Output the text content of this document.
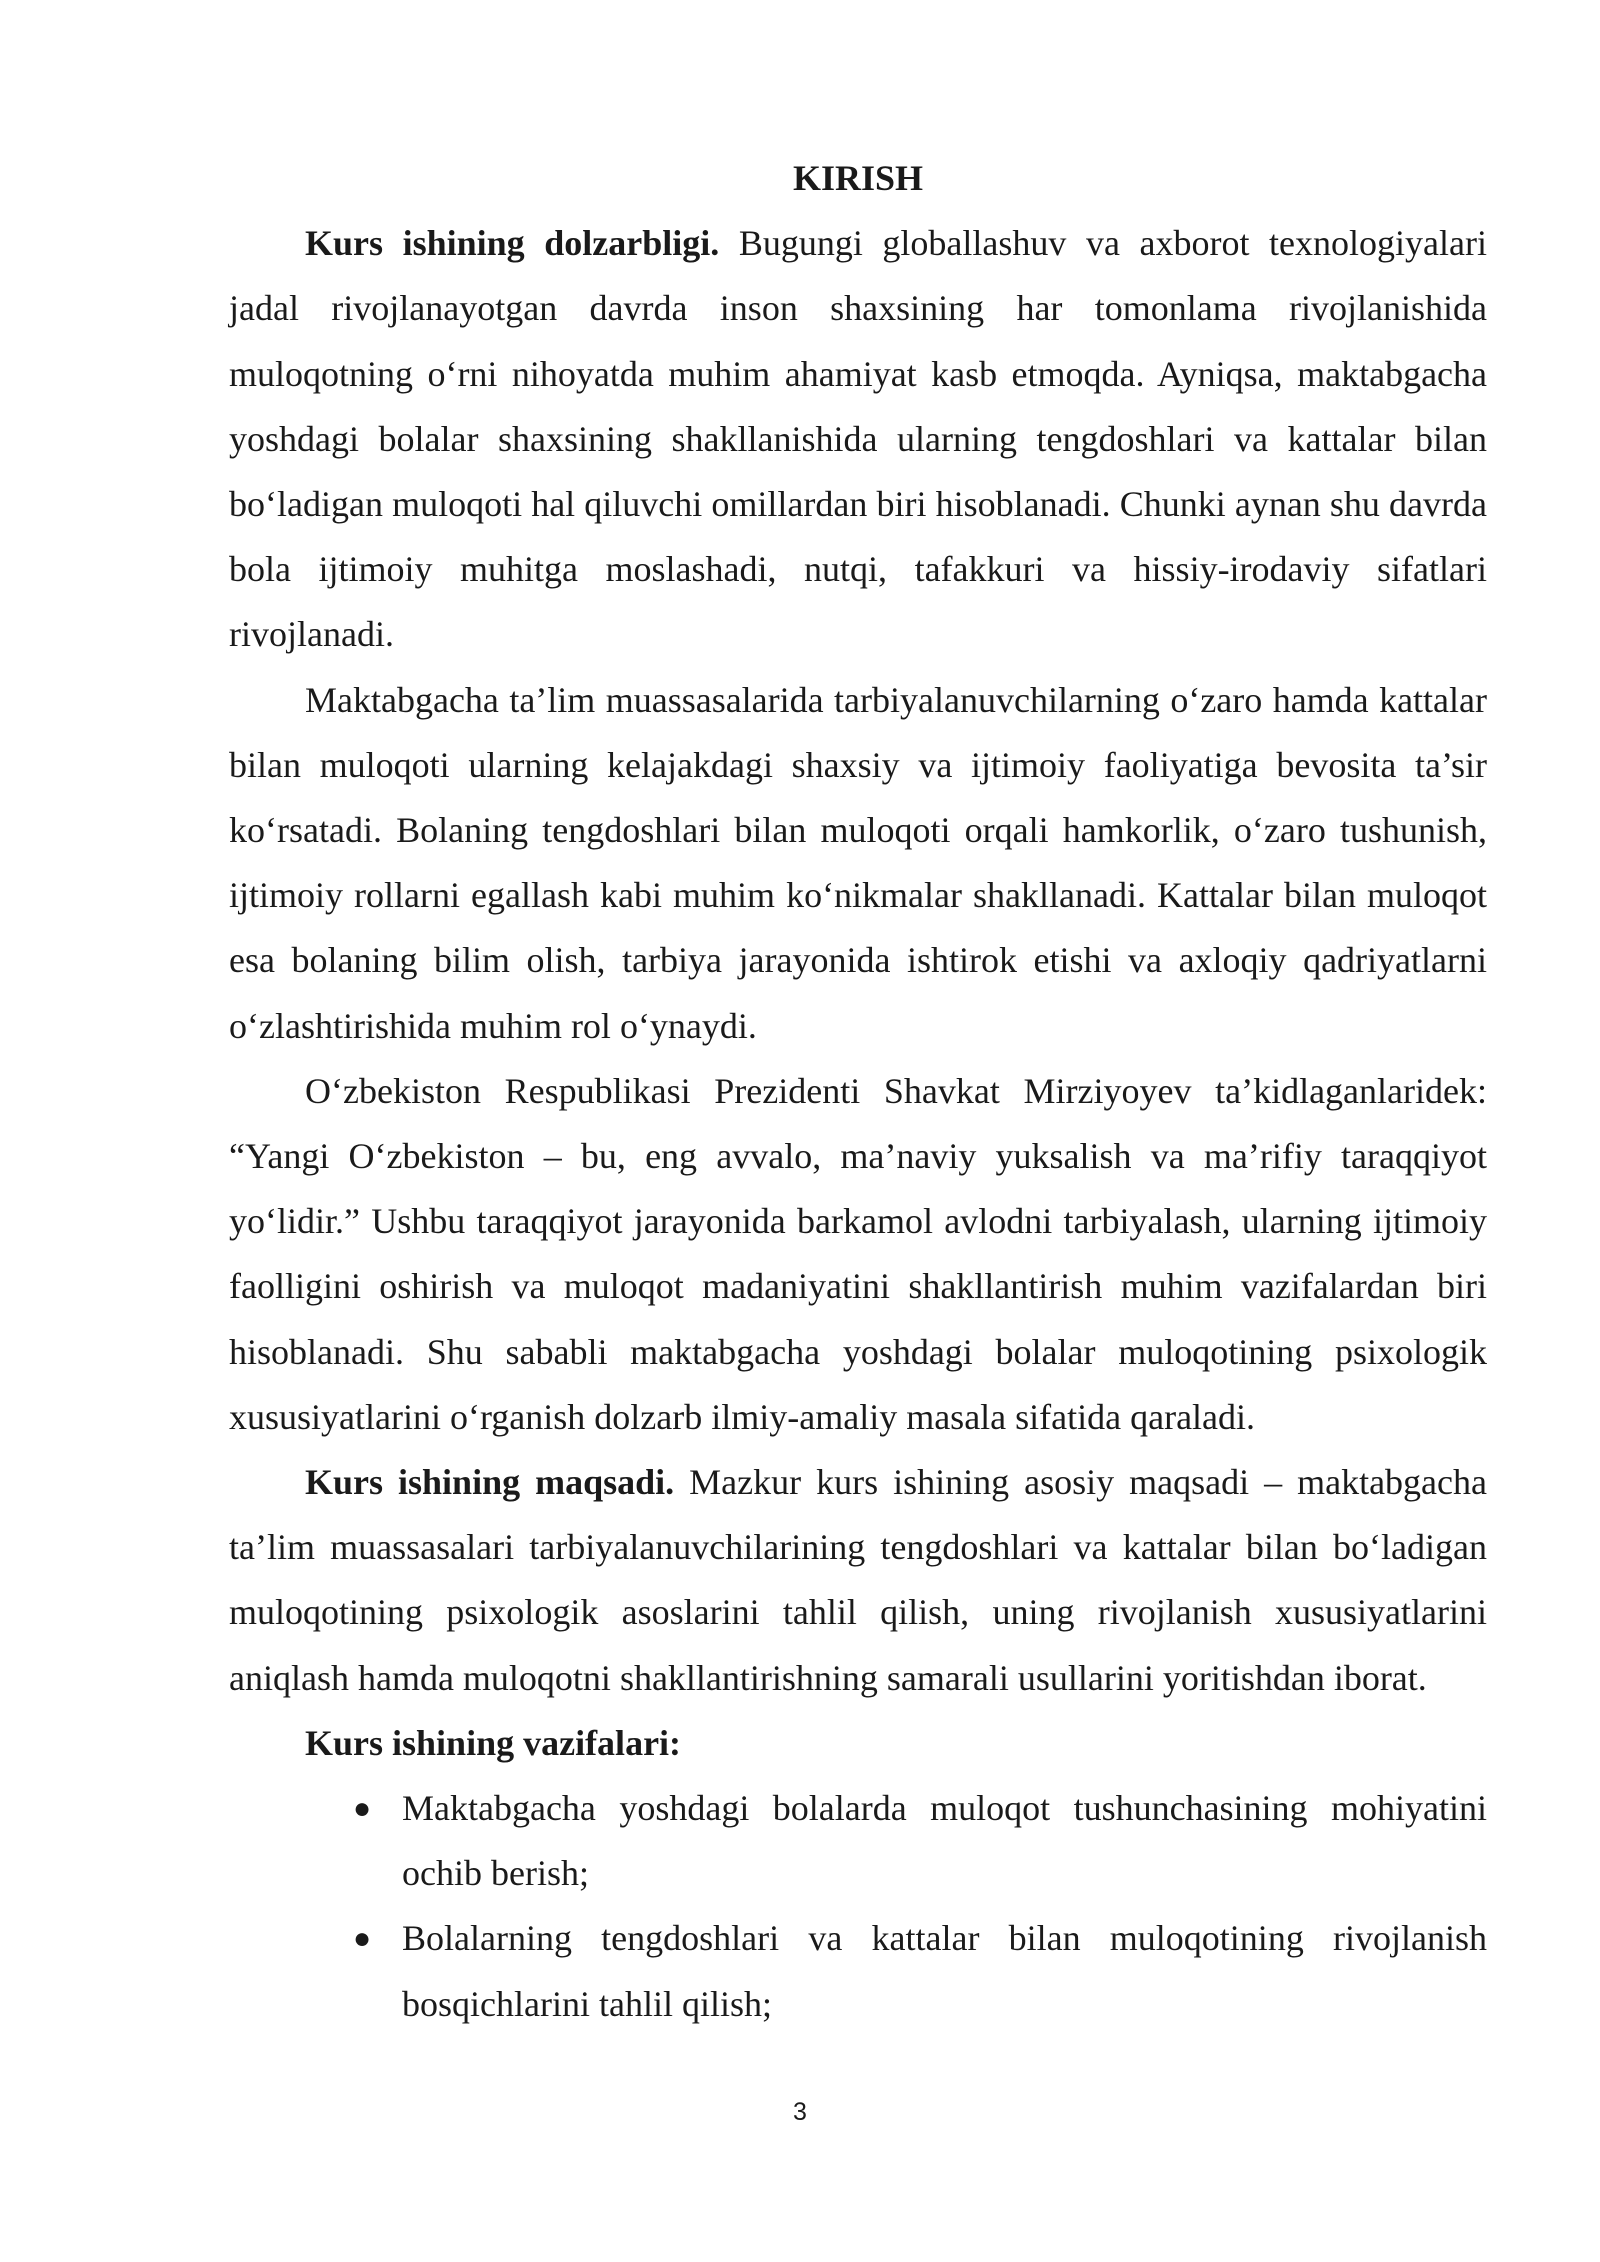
KIRISH

Kurs ishining dolzarbligi. Bugungi globallashuv va axborot texnologiyalari jadal rivojlanayotgan davrda inson shaxsining har tomonlama rivojlanishida muloqotning o‘rni nihoyatda muhim ahamiyat kasb etmoqda. Ayniqsa, maktabgacha yoshdagi bolalar shaxsining shakllanishida ularning tengdoshlari va kattalar bilan bo‘ladigan muloqoti hal qiluvchi omillardan biri hisoblanadi. Chunki aynan shu davrda bola ijtimoiy muhitga moslashadi, nutqi, tafakkuri va hissiy-irodaviy sifatlari rivojlanadi.

Maktabgacha ta’lim muassasalarida tarbiyalanuvchilarning o‘zaro hamda kattalar bilan muloqoti ularning kelajakdagi shaxsiy va ijtimoiy faoliyatiga bevosita ta’sir ko‘rsatadi. Bolaning tengdoshlari bilan muloqoti orqali hamkorlik, o‘zaro tushunish, ijtimoiy rollarni egallash kabi muhim ko‘nikmalar shakllanadi. Kattalar bilan muloqot esa bolaning bilim olish, tarbiya jarayonida ishtirok etishi va axloqiy qadriyatlarni o‘zlashtirishida muhim rol o‘ynaydi.

O‘zbekiston Respublikasi Prezidenti Shavkat Mirziyoyev ta’kidlaganlaridek: “Yangi O‘zbekiston – bu, eng avvalo, ma’naviy yuksalish va ma’rifiy taraqqiyot yo‘lidir.” Ushbu taraqqiyot jarayonida barkamol avlodni tarbiyalash, ularning ijtimoiy faolligini oshirish va muloqot madaniyatini shakllantirish muhim vazifalardan biri hisoblanadi. Shu sababli maktabgacha yoshdagi bolalar muloqotining psixologik xususiyatlarini o‘rganish dolzarb ilmiy-amaliy masala sifatida qaraladi.

Kurs ishining maqsadi. Mazkur kurs ishining asosiy maqsadi – maktabgacha ta’lim muassasalari tarbiyalanuvchilarining tengdoshlari va kattalar bilan bo‘ladigan muloqotining psixologik asoslarini tahlil qilish, uning rivojlanish xususiyatlarini aniqlash hamda muloqotni shakllantirishning samarali usullarini yoritishdan iborat.

Kurs ishining vazifalari:

● Maktabgacha yoshdagi bolalarda muloqot tushunchasining mohiyatini ochib berish;
● Bolalarning tengdoshlari va kattalar bilan muloqotining rivojlanish bosqichlarini tahlil qilish;
3
